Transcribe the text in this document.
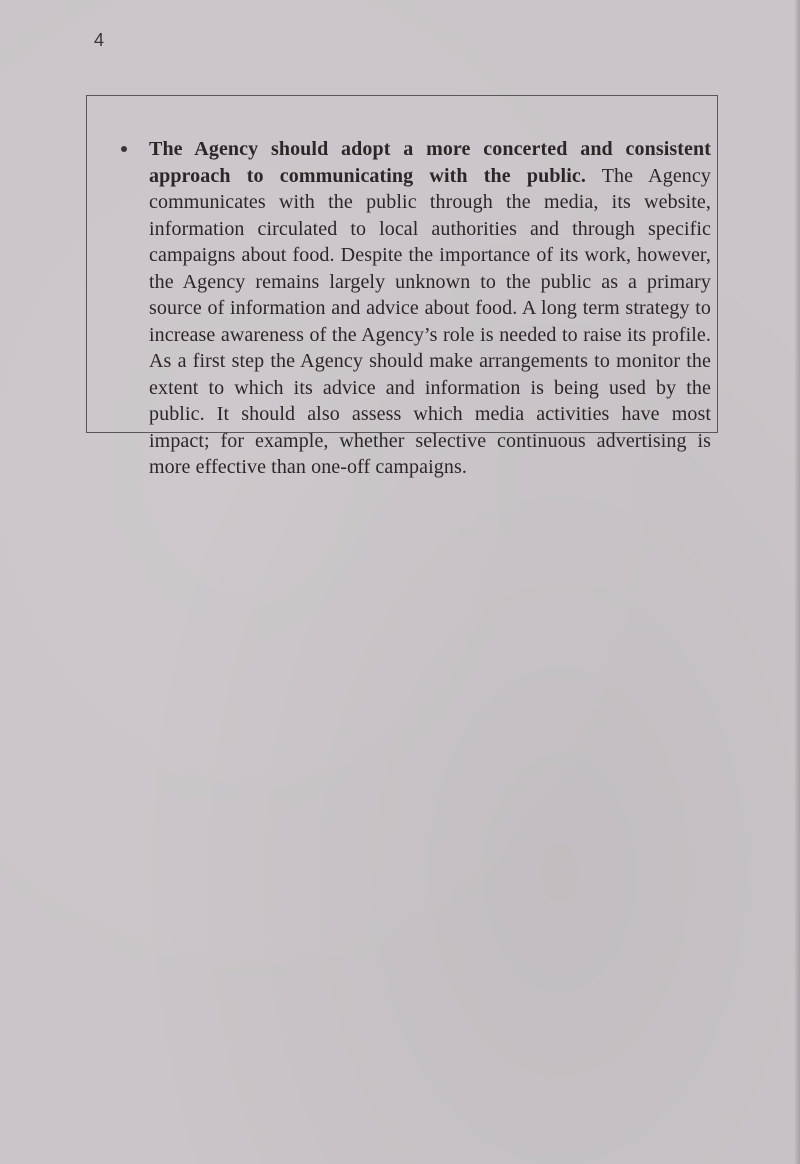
4

The Agency should adopt a more concerted and consistent approach to communicating with the public. The Agency communicates with the public through the media, its website, information circulated to local authorities and through specific campaigns about food. Despite the importance of its work, however, the Agency remains largely unknown to the public as a primary source of information and advice about food. A long term strategy to increase awareness of the Agency’s role is needed to raise its profile. As a first step the Agency should make arrangements to monitor the extent to which its advice and information is being used by the public. It should also assess which media activities have most impact; for example, whether selective continuous advertising is more effective than one-off campaigns.
